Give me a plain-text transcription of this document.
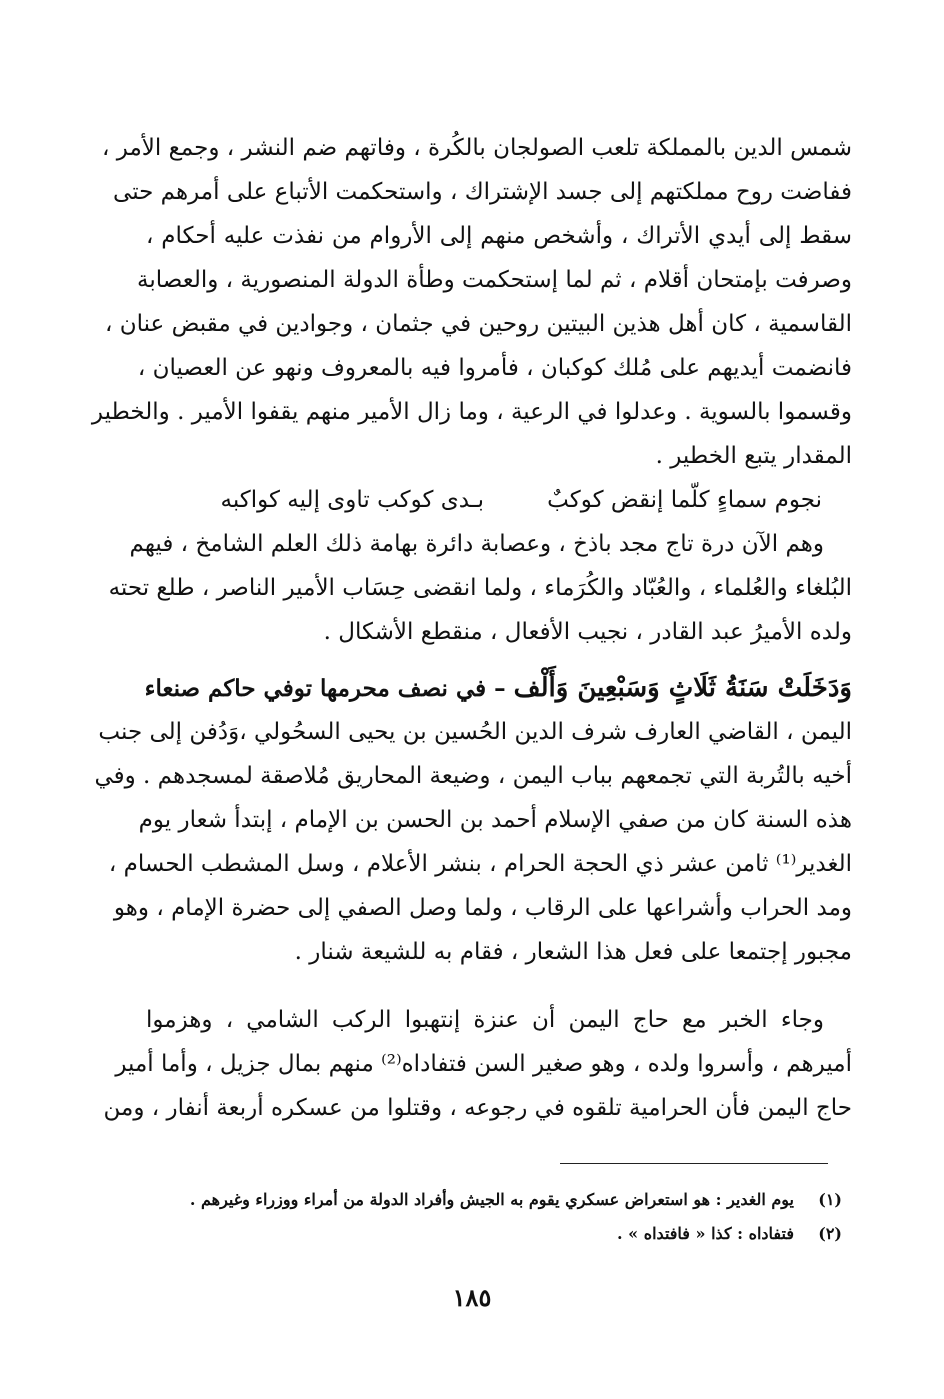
شمس الدين بالمملكة تلعب الصولجان بالكُرة ، وفاتهم ضم النشر ، وجمع الأمر ،
ففاضت روح مملكتهم إلى جسد الإشتراك ، واستحكمت الأتباع على أمرهم حتى
سقط إلى أيدي الأتراك ، وأشخص منهم إلى الأروام من نفذت عليه أحكام ،
وصرفت بإمتحان أقلام ، ثم لما إستحكمت وطأة الدولة المنصورية ، والعصابة
القاسمية ، كان أهل هذين البيتين روحين في جثمان ، وجوادين في مقبض عنان ،
فانضمت أيديهم على مُلك كوكبان ، فأمروا فيه بالمعروف ونهو عن العصيان ،
وقسموا بالسوية . وعدلوا في الرعية ، وما زال الأمير منهم يقفوا الأمير . والخطير
المقدار يتبع الخطير .
نجوم سماءٍ كلّما إنقض كوكبٌ
بـدى كوكب تاوى إليه كواكبه
وهم الآن درة تاج مجد باذخ ، وعصابة دائرة بهامة ذلك العلم الشامخ ، فيهم
البُلغاء والعُلماء ، والعُبّاد والكُرَماء ، ولما انقضى حِسَاب الأمير الناصر ، طلع تحته
ولده الأميرُ عبد القادر ، نجيب الأفعال ، منقطع الأشكال .
وَدَخَلَتْ سَنَةُ ثَلَاثٍ وَسَبْعِينَ وَأَلْف – في نصف محرمها توفي حاكم صنعاء
اليمن ، القاضي العارف شرف الدين الحُسين بن يحيى السحُولي ،وَدُفن إلى جنب
أخيه بالتُربة التي تجمعهم بباب اليمن ، وضيعة المحاريق مُلاصقة لمسجدهم . وفي
هذه السنة كان من صفي الإسلام أحمد بن الحسن بن الإمام ، إبتدأ شعار يوم
الغدير⁽¹⁾ ثامن عشر ذي الحجة الحرام ، بنشر الأعلام ، وسل المشطب الحسام ،
ومد الحراب وأشراعها على الرقاب ، ولما وصل الصفي إلى حضرة الإمام ، وهو
مجبور إجتمعا على فعل هذا الشعار ، فقام به للشيعة شنار .
وجاء الخبر مع حاج اليمن أن عنزة إنتهبوا الركب الشامي ، وهزموا
أميرهم ، وأسروا ولده ، وهو صغير السن فتفاداه⁽²⁾ منهم بمال جزيل ، وأما أمير
حاج اليمن فأن الحرامية تلقوه في رجوعه ، وقتلوا من عسكره أربعة أنفار ، ومن
(١)
يوم الغدير : هو استعراض عسكري يقوم به الجيش وأفراد الدولة من أمراء ووزراء وغيرهم .
(٢)
فتفاداه : كذا « فافتداه » .
١٨٥
